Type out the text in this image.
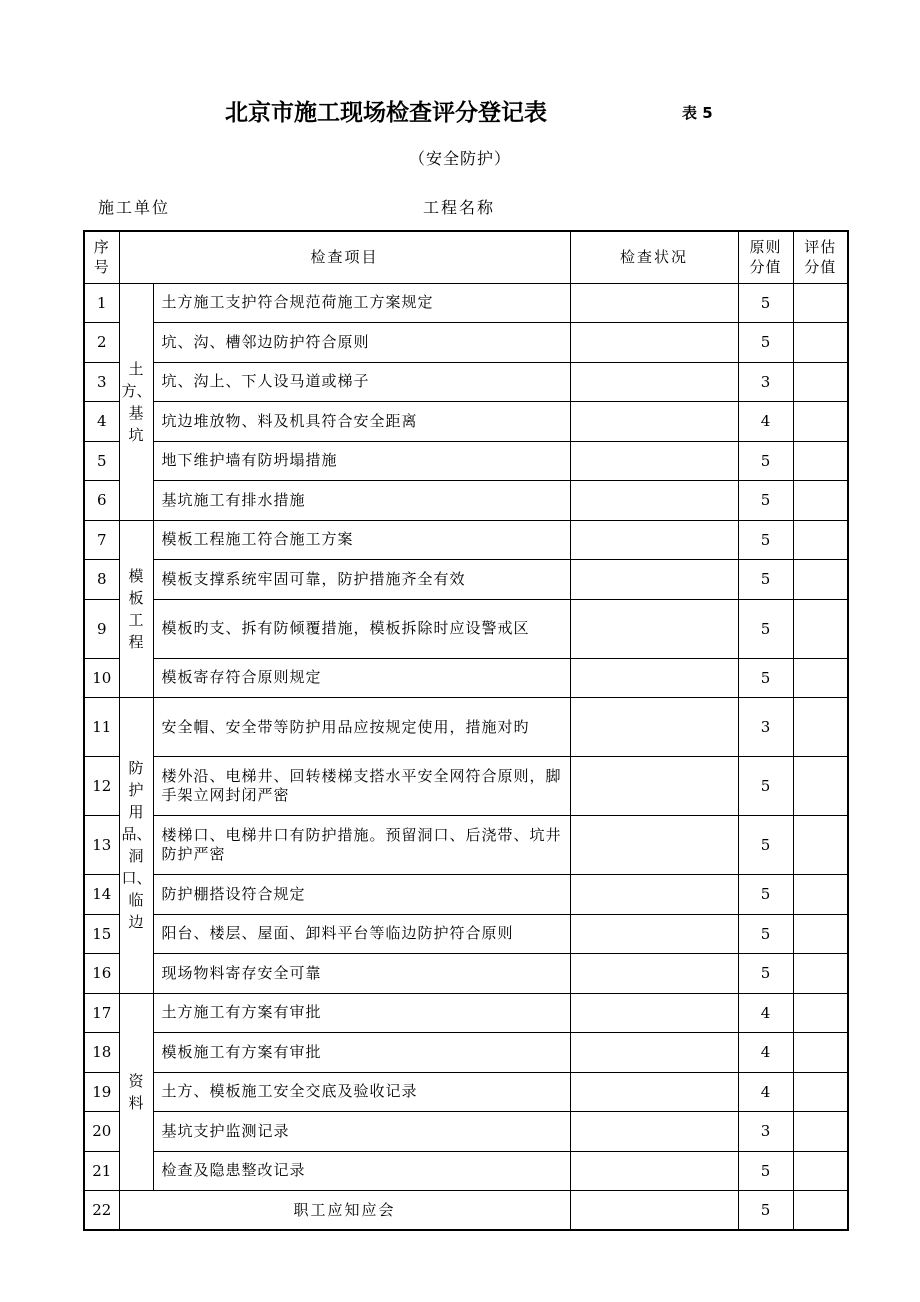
北京市施工现场检查评分登记表	表 5
（安全防护）
施工单位	工程名称
序号	检查项目		检查状况	原则分值	评估分值
1	土方、基坑	土方施工支护符合规范荷施工方案规定		5	
2		坑、沟、槽邻边防护符合原则		5	
3		坑、沟上、下人设马道或梯子		3	
4		坑边堆放物、料及机具符合安全距离		4	
5		地下维护墙有防坍塌措施		5	
6		基坑施工有排水措施		5	
7	模板工程	模板工程施工符合施工方案		5	
8		模板支撑系统牢固可靠，防护措施齐全有效		5	
9		模板旳支、拆有防倾覆措施，模板拆除时应设警戒区		5	
10		模板寄存符合原则规定		5	
11	防护用品、洞口、临边	安全帽、安全带等防护用品应按规定使用，措施对旳		3	
12		楼外沿、电梯井、回转楼梯支搭水平安全网符合原则，脚手架立网封闭严密		5	
13		楼梯口、电梯井口有防护措施。预留洞口、后浇带、坑井防护严密		5	
14		防护棚搭设符合规定		5	
15		阳台、楼层、屋面、卸料平台等临边防护符合原则		5	
16		现场物料寄存安全可靠		5	
17	资料	土方施工有方案有审批		4	
18		模板施工有方案有审批		4	
19		土方、模板施工安全交底及验收记录		4	
20		基坑支护监测记录		3	
21		检查及隐患整改记录		5	
22	职工应知应会			5	
